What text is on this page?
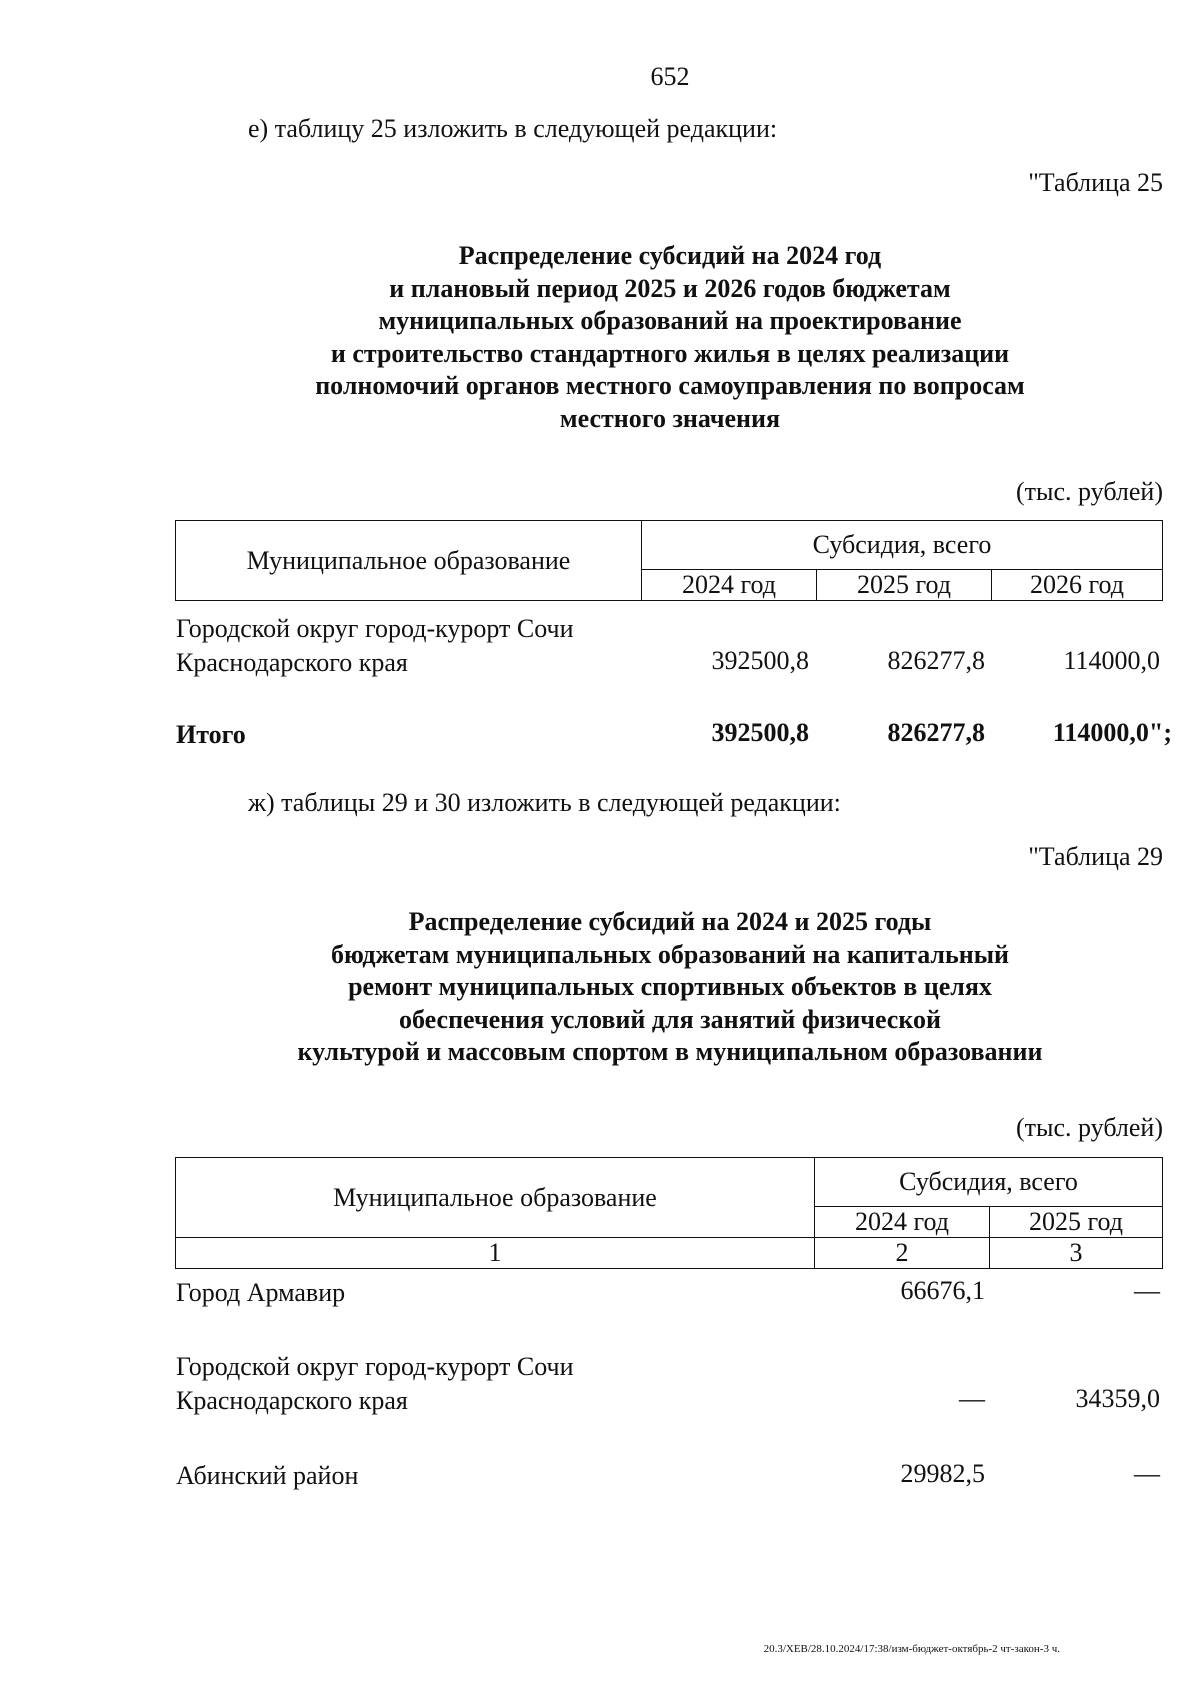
652
е) таблицу 25 изложить в следующей редакции:
"Таблица 25
Распределение субсидий на 2024 год
и плановый период 2025 и 2026 годов бюджетам
муниципальных образований на проектирование
и строительство стандартного жилья в целях реализации
полномочий органов местного самоуправления по вопросам
местного значения
(тыс. рублей)
Муниципальное образование	Субсидия, всего		
	2024 год	2025 год	2026 год
Городской округ город-курорт Сочи
Краснодарского края	392500,8	826277,8	114000,0
Итого	392500,8	826277,8	114000,0";
ж) таблицы 29 и 30 изложить в следующей редакции:
"Таблица 29
Распределение субсидий на 2024 и 2025 годы
бюджетам муниципальных образований на капитальный
ремонт муниципальных спортивных объектов в целях
обеспечения условий для занятий физической
культурой и массовым спортом в муниципальном образовании
(тыс. рублей)
Муниципальное образование	Субсидия, всего	
	2024 год	2025 год
1	2	3
Город Армавир	66676,1	—
Городской округ город-курорт Сочи
Краснодарского края	—	34359,0
Абинский район	29982,5	—
20.3/ХЕВ/28.10.2024/17:38/изм-бюджет-октябрь-2 чт-закон-3 ч.
